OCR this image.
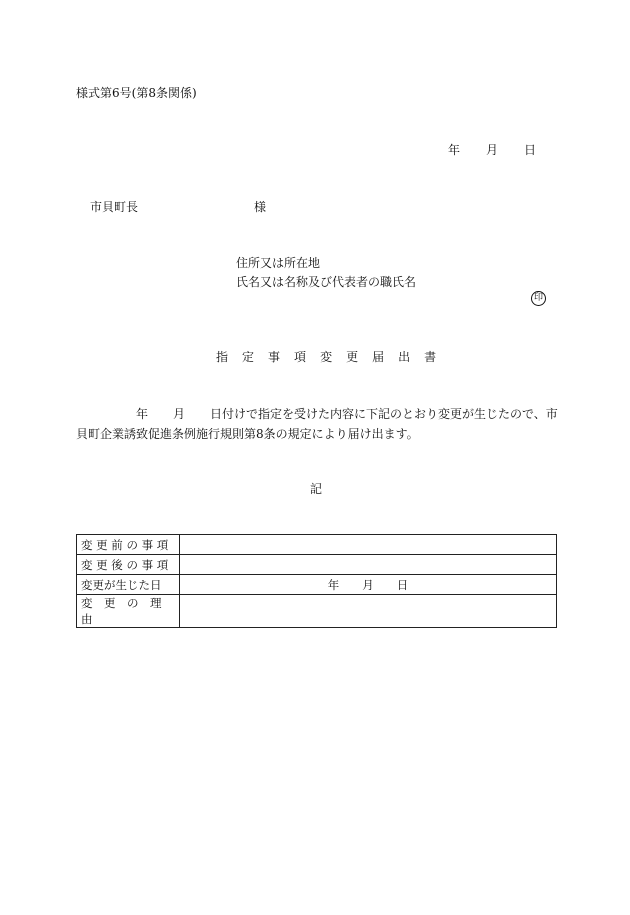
様式第6号(第8条関係)
年 月 日
市貝町長	様
住所又は所在地
氏名又は名称及び代表者の職氏名
印
指 定 事 項 変 更 届 出 書
年 月 日付けで指定を受けた内容に下記のとおり変更が生じたので、市
貝町企業誘致促進条例施行規則第8条の規定により届け出ます。
記
変 更 前 の 事 項	
変 更 後 の 事 項	
変更が生じた日	年　　月　　日
変　更　の　理　由	
